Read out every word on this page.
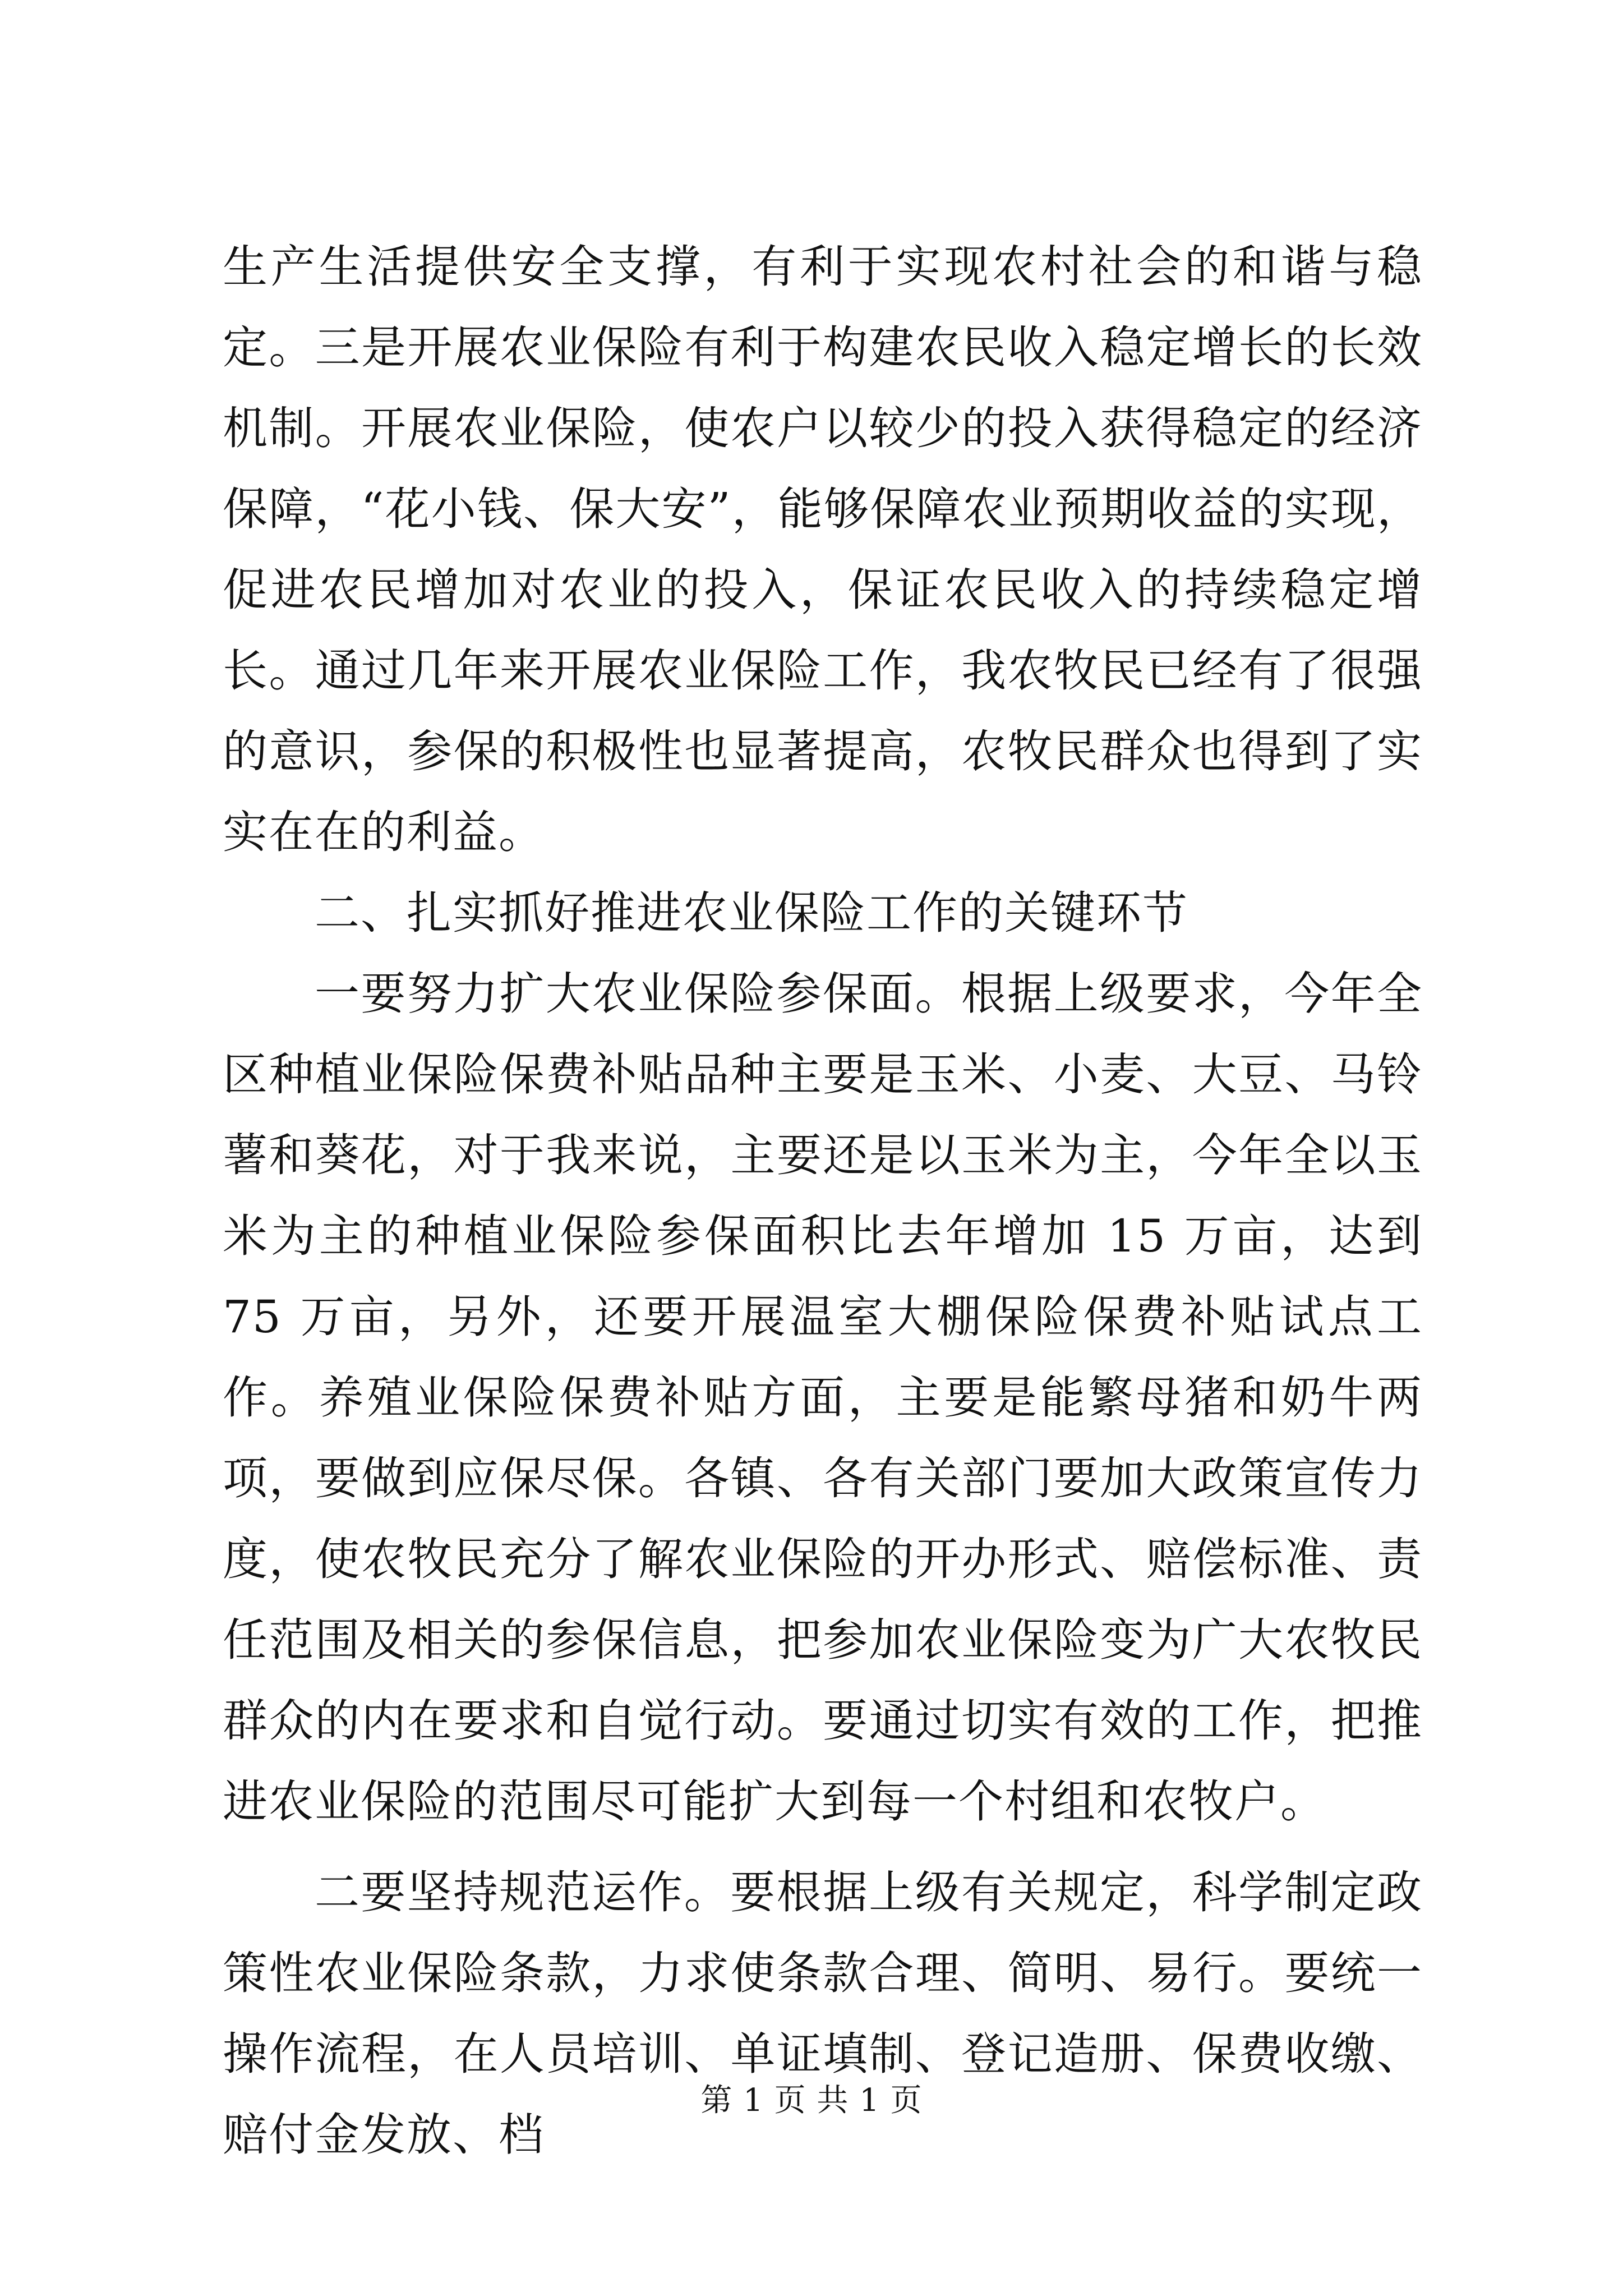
生产生活提供安全支撑，有利于实现农村社会的和谐与稳定。三是开展农业保险有利于构建农民收入稳定增长的长效机制。开展农业保险，使农户以较少的投入获得稳定的经济保障，“花小钱、保大安”，能够保障农业预期收益的实现，促进农民增加对农业的投入，保证农民收入的持续稳定增长。通过几年来开展农业保险工作，我农牧民已经有了很强的意识，参保的积极性也显著提高，农牧民群众也得到了实实在在的利益。

二、扎实抓好推进农业保险工作的关键环节

一要努力扩大农业保险参保面。根据上级要求，今年全区种植业保险保费补贴品种主要是玉米、小麦、大豆、马铃薯和葵花，对于我来说，主要还是以玉米为主，今年全以玉米为主的种植业保险参保面积比去年增加 15 万亩，达到 75 万亩，另外，还要开展温室大棚保险保费补贴试点工作。养殖业保险保费补贴方面，主要是能繁母猪和奶牛两项，要做到应保尽保。各镇、各有关部门要加大政策宣传力度，使农牧民充分了解农业保险的开办形式、赔偿标准、责任范围及相关的参保信息，把参加农业保险变为广大农牧民群众的内在要求和自觉行动。要通过切实有效的工作，把推进农业保险的范围尽可能扩大到每一个村组和农牧户。

二要坚持规范运作。要根据上级有关规定，科学制定政策性农业保险条款，力求使条款合理、简明、易行。要统一操作流程，在人员培训、单证填制、登记造册、保费收缴、赔付金发放、档

第 1 页 共 1 页
